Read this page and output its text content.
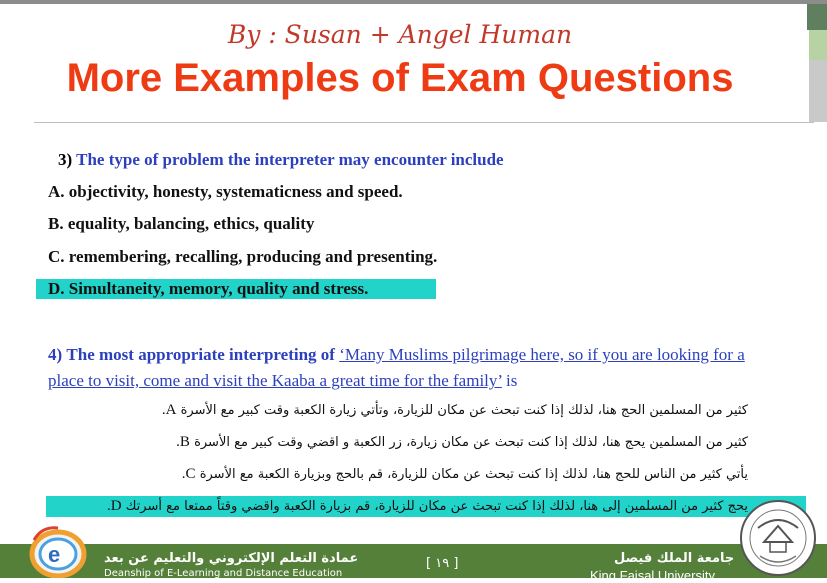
By : Susan + Angel Human
More Examples of Exam Questions
3) The type of problem the interpreter may encounter include
A. objectivity, honesty, systematicness and speed.
B. equality, balancing, ethics, quality
C. remembering, recalling, producing and presenting.
D. Simultaneity, memory, quality and stress.
4) The most appropriate interpreting of ‘Many Muslims pilgrimage here, so if you are looking for a place to visit, come and visit the Kaaba a great time for the family’ is
كثير من المسلمين الحج هنا، لذلك إذا كنت تبحث عن مكان للزيارة، وتأتي زيارة الكعبة وقت كبير مع الأسرة A.
كثير من المسلمين يحج هنا، لذلك إذا كنت تبحث عن مكان زيارة، زر الكعبة و اقضي وقت كبير مع الأسرة B.
يأتي كثير من الناس للحج هنا، لذلك إذا كنت تبحث عن مكان للزيارة، قم بالحج وبزيارة الكعبة مع الأسرة C.
يحج كثير من المسلمين إلى هنا، لذلك إذا كنت تبحث عن مكان للزيارة، قم بزيارة الكعبة واقضي وقتاً ممتعا مع أسرتك D.
عمادة التعلم الإلكتروني والتعليم عن بعد
Deanship of E-Learning and Distance Education
[ ١٩ ]	جامعة الملك فيصل
King Faisal University
e
